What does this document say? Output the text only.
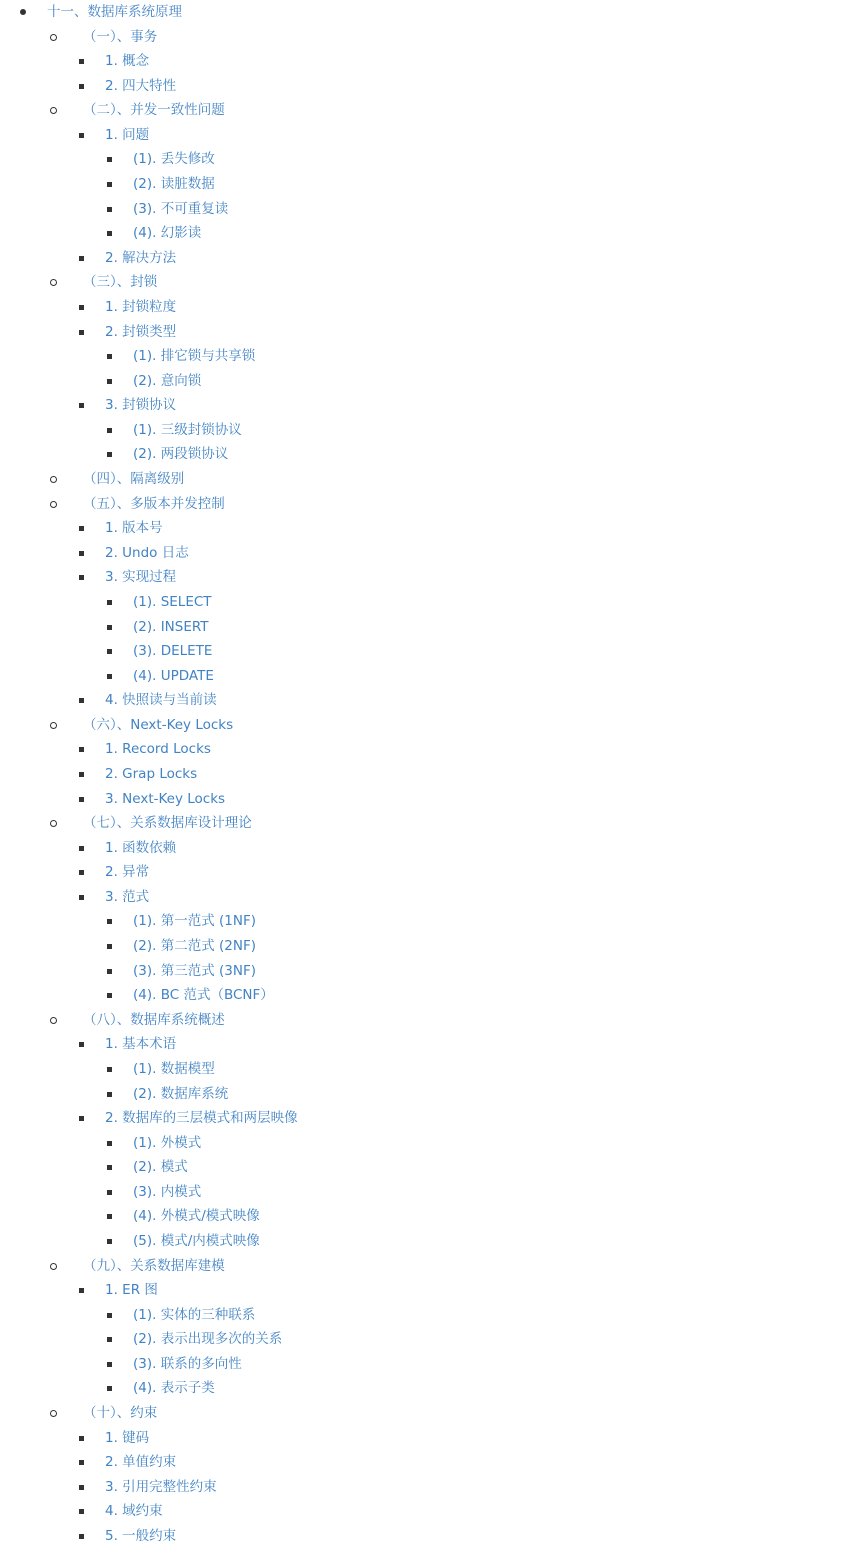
十一、数据库系统原理
（一）、事务
1. 概念
2. 四大特性
（二）、并发一致性问题
1. 问题
(1). 丢失修改
(2). 读脏数据
(3). 不可重复读
(4). 幻影读
2. 解决方法
（三）、封锁
1. 封锁粒度
2. 封锁类型
(1). 排它锁与共享锁
(2). 意向锁
3. 封锁协议
(1). 三级封锁协议
(2). 两段锁协议
（四）、隔离级别
（五）、多版本并发控制
1. 版本号
2. Undo 日志
3. 实现过程
(1). SELECT
(2). INSERT
(3). DELETE
(4). UPDATE
4. 快照读与当前读
（六）、Next-Key Locks
1. Record Locks
2. Grap Locks
3. Next-Key Locks
（七）、关系数据库设计理论
1. 函数依赖
2. 异常
3. 范式
(1). 第一范式 (1NF)
(2). 第二范式 (2NF)
(3). 第三范式 (3NF)
(4). BC 范式（BCNF）
（八）、数据库系统概述
1. 基本术语
(1). 数据模型
(2). 数据库系统
2. 数据库的三层模式和两层映像
(1). 外模式
(2). 模式
(3). 内模式
(4). 外模式/模式映像
(5). 模式/内模式映像
（九）、关系数据库建模
1. ER 图
(1). 实体的三种联系
(2). 表示出现多次的关系
(3). 联系的多向性
(4). 表示子类
（十）、约束
1. 键码
2. 单值约束
3. 引用完整性约束
4. 域约束
5. 一般约束
